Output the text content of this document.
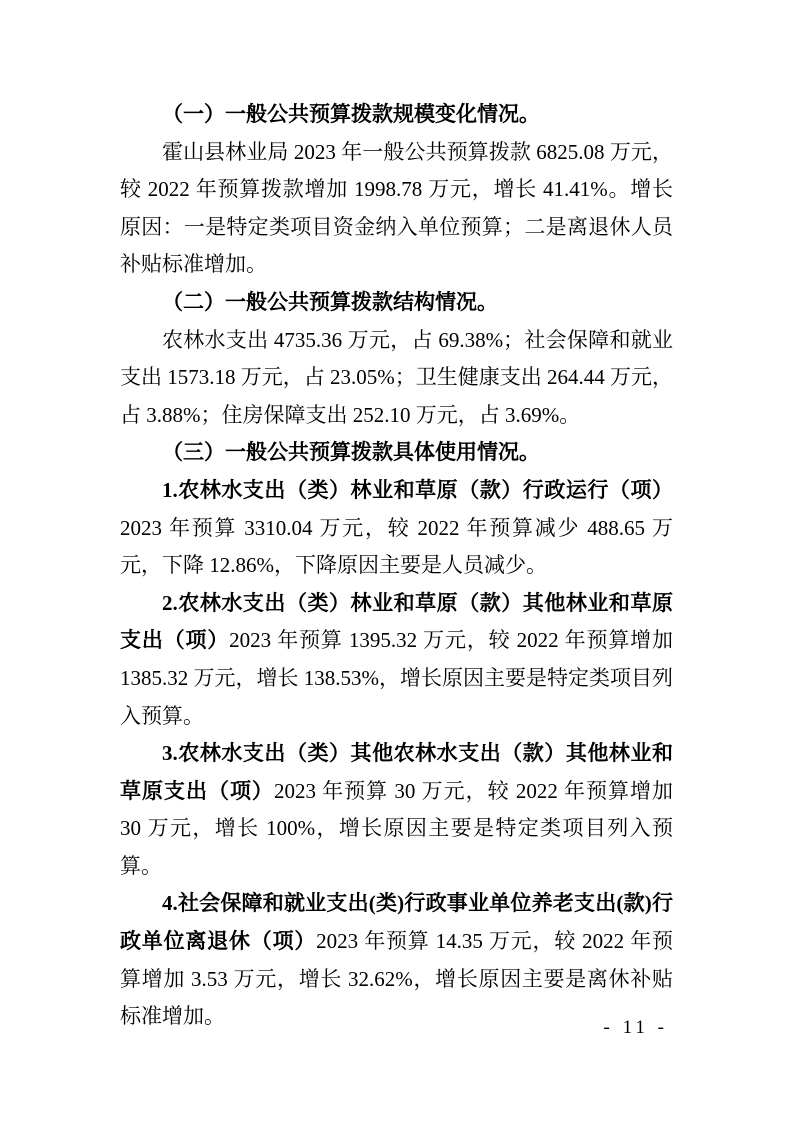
（一）一般公共预算拨款规模变化情况。

霍山县林业局 2023 年一般公共预算拨款 6825.08 万元，较 2022 年预算拨款增加 1998.78 万元，增长 41.41%。增长原因：一是特定类项目资金纳入单位预算；二是离退休人员补贴标准增加。

（二）一般公共预算拨款结构情况。

农林水支出 4735.36 万元，占 69.38%；社会保障和就业支出 1573.18 万元，占 23.05%；卫生健康支出 264.44 万元，占 3.88%；住房保障支出 252.10 万元，占 3.69%。

（三）一般公共预算拨款具体使用情况。

1.农林水支出（类）林业和草原（款）行政运行（项）2023 年预算 3310.04 万元，较 2022 年预算减少 488.65 万元，下降 12.86%，下降原因主要是人员减少。

2.农林水支出（类）林业和草原（款）其他林业和草原支出（项）2023 年预算 1395.32 万元，较 2022 年预算增加 1385.32 万元，增长 138.53%，增长原因主要是特定类项目列入预算。

3.农林水支出（类）其他农林水支出（款）其他林业和草原支出（项）2023 年预算 30 万元，较 2022 年预算增加 30 万元，增长 100%，增长原因主要是特定类项目列入预算。

4.社会保障和就业支出(类)行政事业单位养老支出(款)行政单位离退休（项）2023 年预算 14.35 万元，较 2022 年预算增加 3.53 万元，增长 32.62%，增长原因主要是离休补贴标准增加。	- 11 -
